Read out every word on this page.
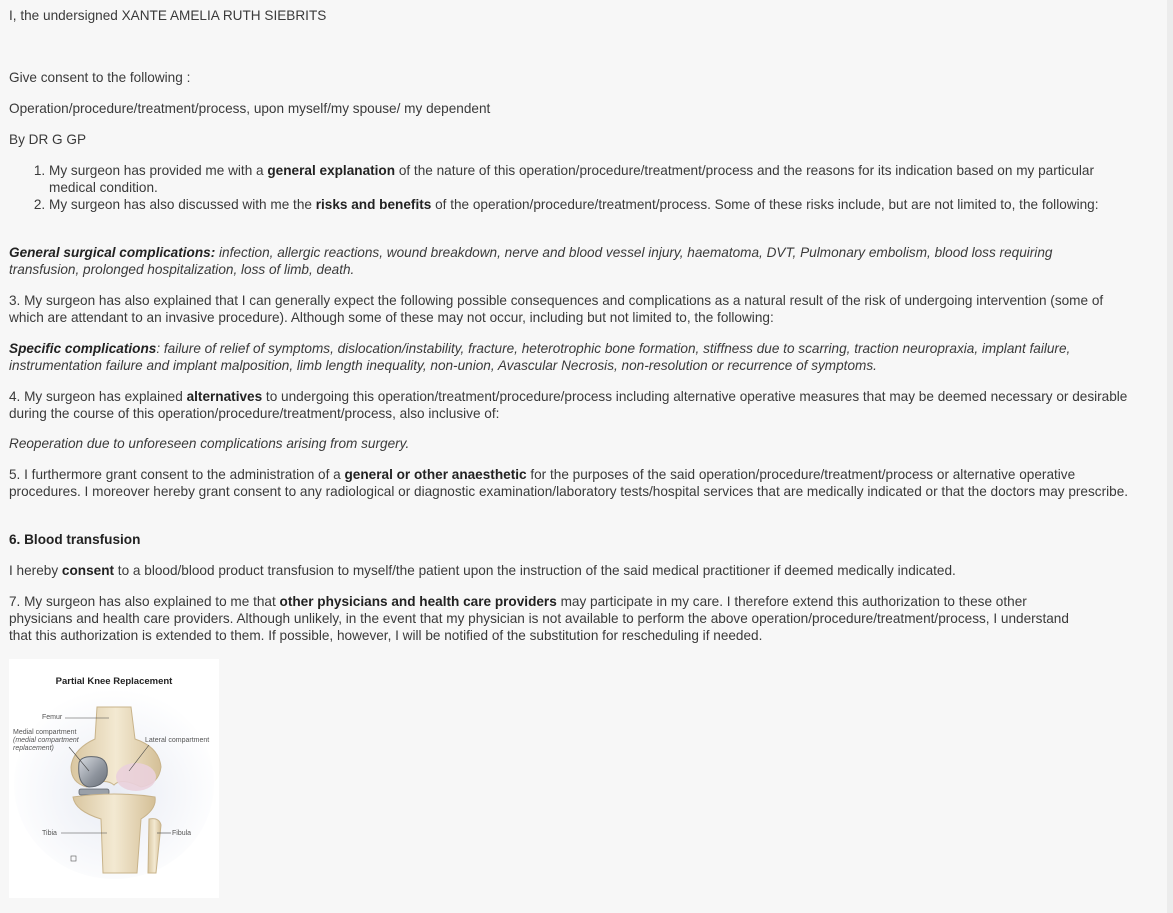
I, the undersigned XANTE AMELIA RUTH SIEBRITS

Give consent to the following :

Operation/procedure/treatment/process, upon myself/my spouse/ my dependent

By DR G GP

1. My surgeon has provided me with a general explanation of the nature of this operation/procedure/treatment/process and the reasons for its indication based on my particular medical condition.
2. My surgeon has also discussed with me the risks and benefits of the operation/procedure/treatment/process. Some of these risks include, but are not limited to, the following:

General surgical complications: infection, allergic reactions, wound breakdown, nerve and blood vessel injury, haematoma, DVT, Pulmonary embolism, blood loss requiring transfusion, prolonged hospitalization, loss of limb, death.

3. My surgeon has also explained that I can generally expect the following possible consequences and complications as a natural result of the risk of undergoing intervention (some of which are attendant to an invasive procedure). Although some of these may not occur, including but not limited to, the following:

Specific complications: failure of relief of symptoms, dislocation/instability, fracture, heterotrophic bone formation, stiffness due to scarring, traction neuropraxia, implant failure, instrumentation failure and implant malposition, limb length inequality, non-union, Avascular Necrosis, non-resolution or recurrence of symptoms.

4. My surgeon has explained alternatives to undergoing this operation/treatment/procedure/process including alternative operative measures that may be deemed necessary or desirable during the course of this operation/procedure/treatment/process, also inclusive of:

Reoperation due to unforeseen complications arising from surgery.

5. I furthermore grant consent to the administration of a general or other anaesthetic for the purposes of the said operation/procedure/treatment/process or alternative operative procedures. I moreover hereby grant consent to any radiological or diagnostic examination/laboratory tests/hospital services that are medically indicated or that the doctors may prescribe.

6. Blood transfusion

I hereby consent to a blood/blood product transfusion to myself/the patient upon the instruction of the said medical practitioner if deemed medically indicated.

7. My surgeon has also explained to me that other physicians and health care providers may participate in my care. I therefore extend this authorization to these other physicians and health care providers. Although unlikely, in the event that my physician is not available to perform the above operation/procedure/treatment/process, I understand that this authorization is extended to them. If possible, however, I will be notified of the substitution for rescheduling if needed.

Partial Knee Replacement
Femur
Medial compartment
(medial compartment replacement)
Lateral compartment
Tibia	Fibula
